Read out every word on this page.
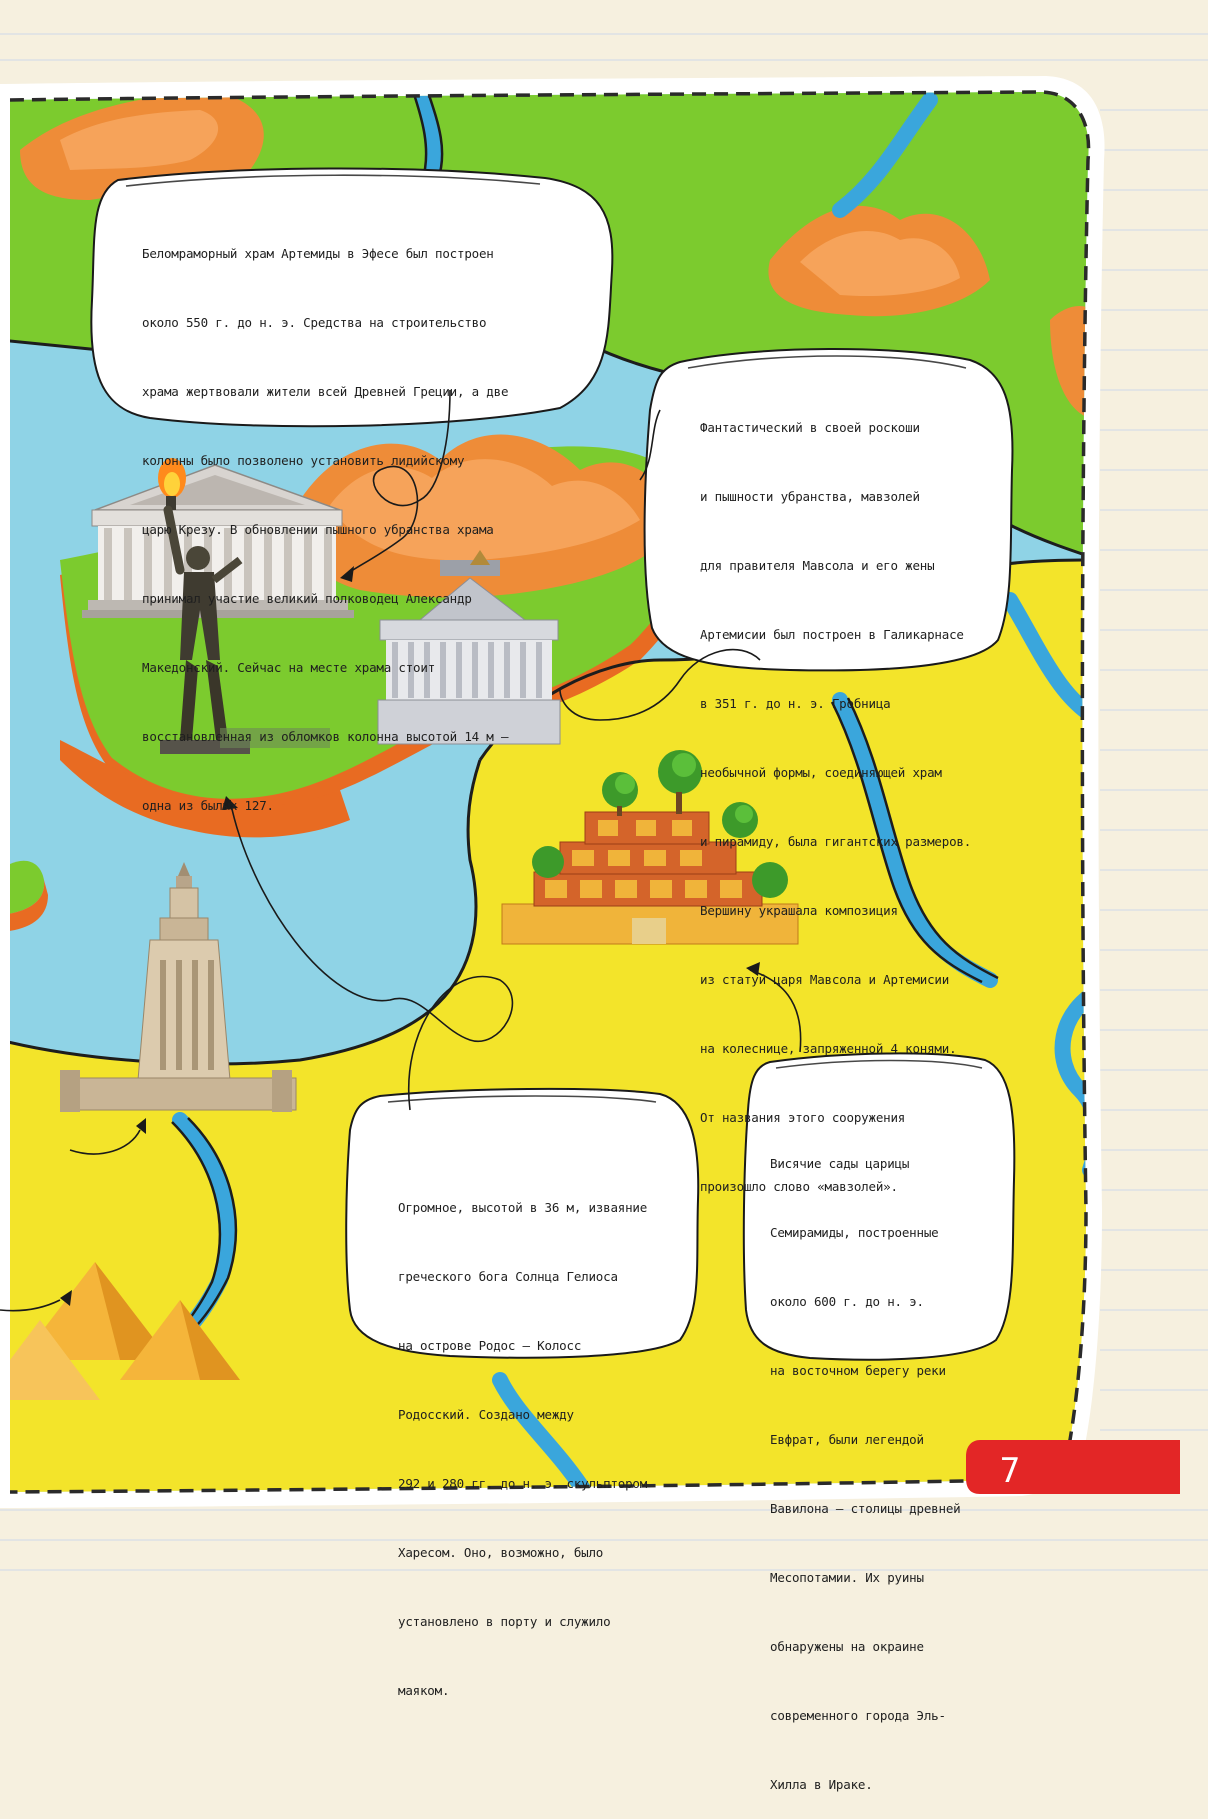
Беломраморный храм Артемиды в Эфесе был построен

около 550 г. до н. э. Средства на строительство

храма жертвовали жители всей Древней Греции, а две

колонны было позволено установить лидийскому

царю Крезу. В обновлении пышного убранства храма

принимал участие великий полководец Александр

Македонский. Сейчас на месте храма стоит

восстановленная из обломков колонна высотой 14 м —

одна из былых 127.

Фантастический в своей роскоши

и пышности убранства, мавзолей

для правителя Мавсола и его жены

Артемисии был построен в Галикарнасе

в 351 г. до н. э. Гробница

необычной формы, соединяющей храм

и пирамиду, была гигантских размеров.

Вершину украшала композиция

из статуй царя Мавсола и Артемисии

на колеснице, запряженной 4 конями.

От названия этого сооружения

произошло слово «мавзолей».

Огромное, высотой в 36 м, изваяние

греческого бога Солнца Гелиоса

на острове Родос — Колосс

Родосский. Создано между

292 и 280 гг. до н. э. скульптором

Харесом. Оно, возможно, было

установлено в порту и служило

маяком.

Висячие сады царицы

Семирамиды, построенные

около 600 г. до н. э.

на восточном берегу реки

Евфрат, были легендой

Вавилона — столицы древней

Месопотамии. Их руины

обнаружены на окраине

современного города Эль-

Хилла в Ираке.

7
